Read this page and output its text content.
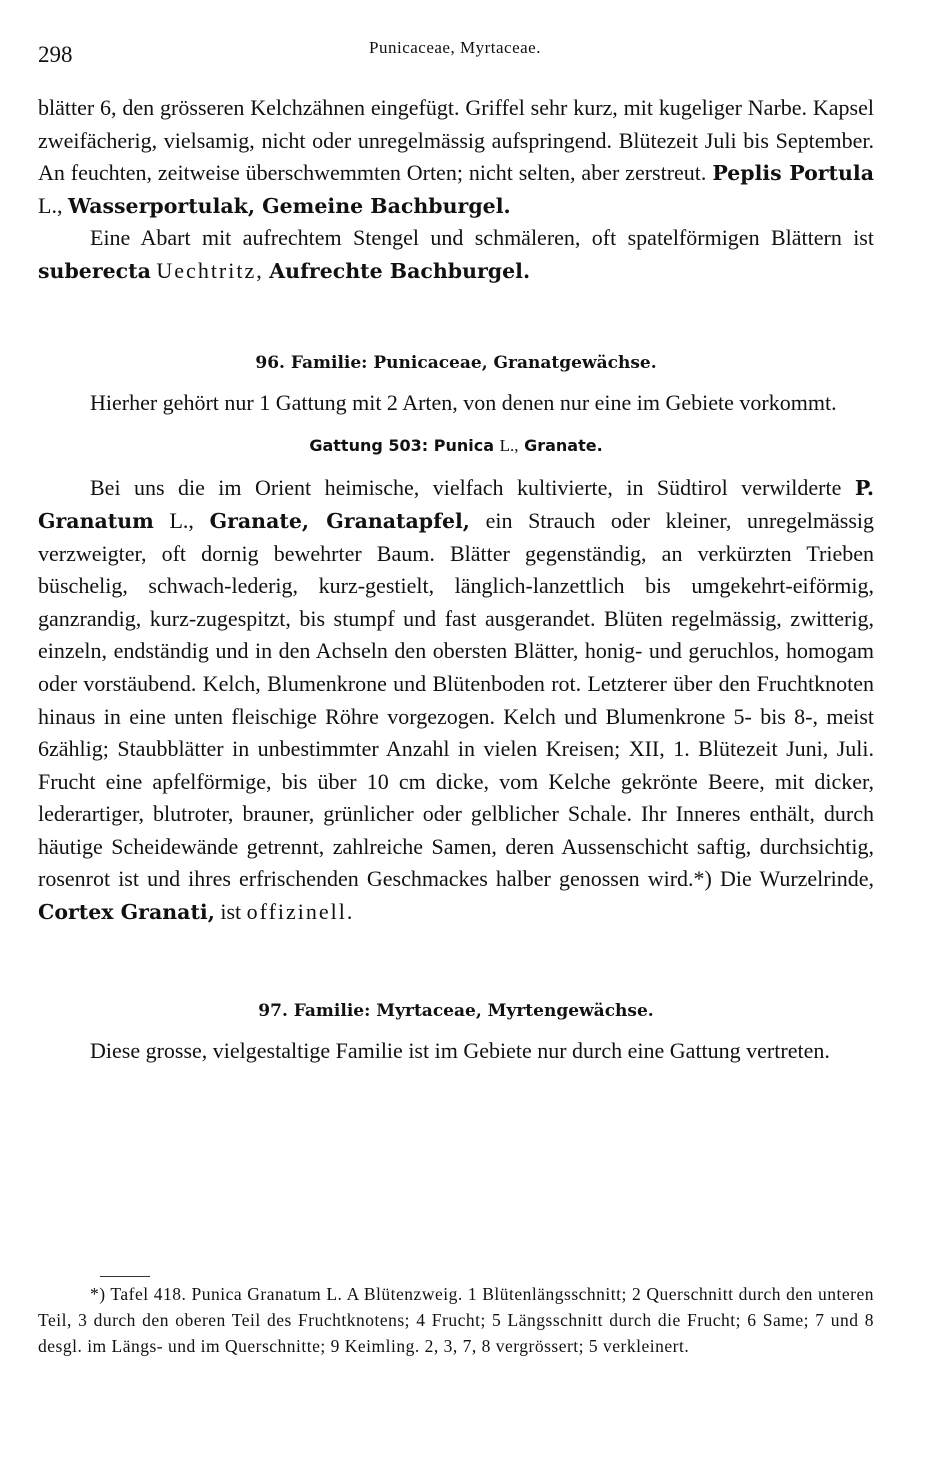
298	Punicaceae, Myrtaceae.

blätter 6, den grösseren Kelchzähnen eingefügt. Griffel sehr kurz, mit kugeliger Narbe. Kapsel zweifächerig, vielsamig, nicht oder unregelmässig aufspringend. Blütezeit Juli bis September. An feuchten, zeitweise überschwemmten Orten; nicht selten, aber zerstreut. Peplis Portula L., Wasserportulak, Gemeine Bachburgel.

Eine Abart mit aufrechtem Stengel und schmäleren, oft spatelförmigen Blättern ist suberecta Uechtritz, Aufrechte Bachburgel.

96. Familie: Punicaceae, Granatgewächse.

Hierher gehört nur 1 Gattung mit 2 Arten, von denen nur eine im Gebiete vorkommt.

Gattung 503: Punica L., Granate.

Bei uns die im Orient heimische, vielfach kultivierte, in Südtirol verwilderte P. Granatum L., Granate, Granatapfel, ein Strauch oder kleiner, unregelmässig verzweigter, oft dornig bewehrter Baum. Blätter gegenständig, an verkürzten Trieben büschelig, schwach-lederig, kurz-gestielt, länglich-lanzettlich bis umgekehrt-eiförmig, ganzrandig, kurz-zugespitzt, bis stumpf und fast ausgerandet. Blüten regelmässig, zwitterig, einzeln, endständig und in den Achseln den obersten Blätter, honig- und geruchlos, homogam oder vorstäubend. Kelch, Blumenkrone und Blütenboden rot. Letzterer über den Fruchtknoten hinaus in eine unten fleischige Röhre vorgezogen. Kelch und Blumenkrone 5- bis 8-, meist 6zählig; Staubblätter in unbestimmter Anzahl in vielen Kreisen; XII, 1. Blütezeit Juni, Juli. Frucht eine apfelförmige, bis über 10 cm dicke, vom Kelche gekrönte Beere, mit dicker, lederartiger, blutroter, brauner, grünlicher oder gelblicher Schale. Ihr Inneres enthält, durch häutige Scheidewände getrennt, zahlreiche Samen, deren Aussenschicht saftig, durchsichtig, rosenrot ist und ihres erfrischenden Geschmackes halber genossen wird.*) Die Wurzelrinde, Cortex Granati, ist offizinell.

97. Familie: Myrtaceae, Myrtengewächse.

Diese grosse, vielgestaltige Familie ist im Gebiete nur durch eine Gattung vertreten.

*) Tafel 418. Punica Granatum L. A Blütenzweig. 1 Blütenlängsschnitt; 2 Querschnitt durch den unteren Teil, 3 durch den oberen Teil des Fruchtknotens; 4 Frucht; 5 Längsschnitt durch die Frucht; 6 Same; 7 und 8 desgl. im Längs- und im Querschnitte; 9 Keimling. 2, 3, 7, 8 vergrössert; 5 verkleinert.
